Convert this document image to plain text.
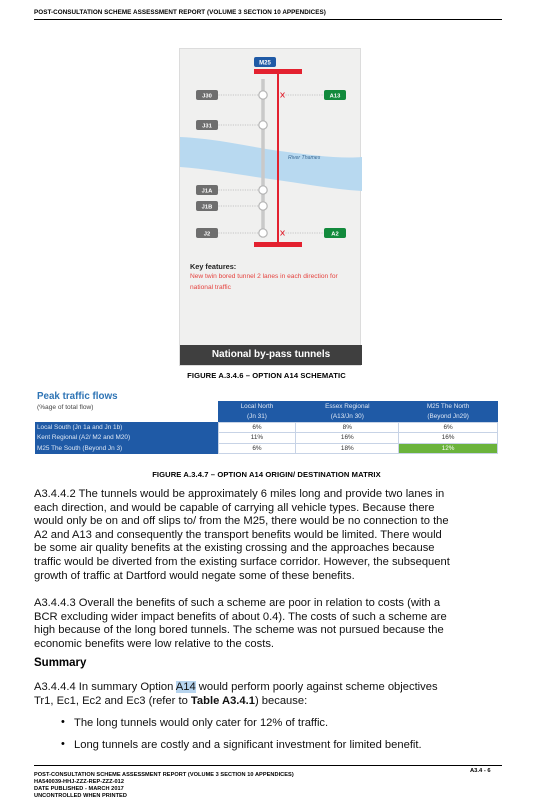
POST-CONSULTATION SCHEME ASSESSMENT REPORT (VOLUME 3 SECTION 10 APPENDICES)
River Thames
M25
J30
J31
J1A
J1B
J2
A13
A2
Key features:
New twin bored tunnel 2 lanes in each direction for national traffic
National by-pass tunnels
FIGURE A.3.4.6 – OPTION A14 SCHEMATIC
Peak traffic flows
(%age of total flow)
		Local North	Essex Regional	M25 The North
	(Jn 31)	(A13/Jn 30)	(Beyond Jn29)
Local South (Jn 1a and Jn 1b)	6%	8%	6%
Kent Regional (A2/ M2 and M20)	11%	16%	16%
M25 The South (Beyond Jn 3)	6%	18%	12%
FIGURE A.3.4.7 – OPTION A14 ORIGIN/ DESTINATION MATRIX
A3.4.4.2 The tunnels would be approximately 6 miles long and provide two lanes in
each direction, and would be capable of carrying all vehicle types. Because there
would only be on and off slips to/ from the M25, there would be no connection to the
A2 and A13 and consequently the transport benefits would be limited. There would
be some air quality benefits at the existing crossing and the approaches because
traffic would be diverted from the existing surface corridor. However, the subsequent
growth of traffic at Dartford would negate some of these benefits.
A3.4.4.3 Overall the benefits of such a scheme are poor in relation to costs (with a
BCR excluding wider impact benefits of about 0.4). The costs of such a scheme are
high because of the long bored tunnels. The scheme was not pursued because the
economic benefits were low relative to the costs.
Summary
A3.4.4.4 In summary Option A14 would perform poorly against scheme objectives
Tr1, Ec1, Ec2 and Ec3 (refer to Table A3.4.1) because:
• The long tunnels would only cater for 12% of traffic.
• Long tunnels are costly and a significant investment for limited benefit.
A3.4 - 6
POST-CONSULTATION SCHEME ASSESSMENT REPORT (VOLUME 3 SECTION 10 APPENDICES)
HA540039-HHJ-ZZZ-REP-ZZZ-012
DATE PUBLISHED - MARCH 2017
UNCONTROLLED WHEN PRINTED
